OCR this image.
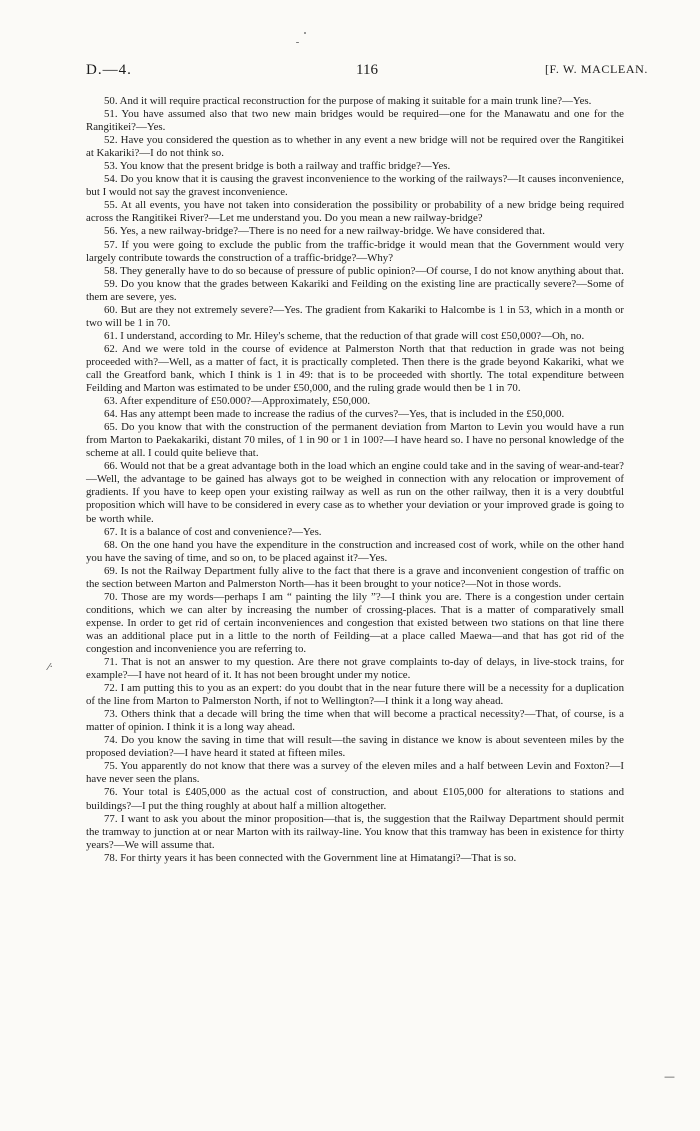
D.—4.	116	[F. W. MACLEAN.

50. And it will require practical reconstruction for the purpose of making it suitable for a main trunk line?—Yes.

51. You have assumed also that two new main bridges would be required—one for the Manawatu and one for the Rangitikei?—Yes.

52. Have you considered the question as to whether in any event a new bridge will not be required over the Rangitikei at Kakariki?—I do not think so.

53. You know that the present bridge is both a railway and traffic bridge?—Yes.

54. Do you know that it is causing the gravest inconvenience to the working of the railways?—It causes inconvenience, but I would not say the gravest inconvenience.

55. At all events, you have not taken into consideration the possibility or probability of a new bridge being required across the Rangitikei River?—Let me understand you. Do you mean a new railway-bridge?

56. Yes, a new railway-bridge?—There is no need for a new railway-bridge. We have considered that.

57. If you were going to exclude the public from the traffic-bridge it would mean that the Government would very largely contribute towards the construction of a traffic-bridge?—Why?

58. They generally have to do so because of pressure of public opinion?—Of course, I do not know anything about that.

59. Do you know that the grades between Kakariki and Feilding on the existing line are practically severe?—Some of them are severe, yes.

60. But are they not extremely severe?—Yes. The gradient from Kakariki to Halcombe is 1 in 53, which in a month or two will be 1 in 70.

61. I understand, according to Mr. Hiley's scheme, that the reduction of that grade will cost £50,000?—Oh, no.

62. And we were told in the course of evidence at Palmerston North that that reduction in grade was not being proceeded with?—Well, as a matter of fact, it is practically completed. Then there is the grade beyond Kakariki, what we call the Greatford bank, which I think is 1 in 49: that is to be proceeded with shortly. The total expenditure between Feilding and Marton was estimated to be under £50,000, and the ruling grade would then be 1 in 70.

63. After expenditure of £50.000?—Approximately, £50,000.

64. Has any attempt been made to increase the radius of the curves?—Yes, that is included in the £50,000.

65. Do you know that with the construction of the permanent deviation from Marton to Levin you would have a run from Marton to Paekakariki, distant 70 miles, of 1 in 90 or 1 in 100?—I have heard so. I have no personal knowledge of the scheme at all. I could quite believe that.

66. Would not that be a great advantage both in the load which an engine could take and in the saving of wear-and-tear?—Well, the advantage to be gained has always got to be weighed in connection with any relocation or improvement of gradients. If you have to keep open your existing railway as well as run on the other railway, then it is a very doubtful proposition which will have to be considered in every case as to whether your deviation or your improved grade is going to be worth while.

67. It is a balance of cost and convenience?—Yes.

68. On the one hand you have the expenditure in the construction and increased cost of work, while on the other hand you have the saving of time, and so on, to be placed against it?—Yes.

69. Is not the Railway Department fully alive to the fact that there is a grave and inconvenient congestion of traffic on the section between Marton and Palmerston North—has it been brought to your notice?—Not in those words.

70. Those are my words—perhaps I am “ painting the lily ”?—I think you are. There is a congestion under certain conditions, which we can alter by increasing the number of crossing-places. That is a matter of comparatively small expense. In order to get rid of certain inconveniences and congestion that existed between two stations on that line there was an additional place put in a little to the north of Feilding—at a place called Maewa—and that has got rid of the congestion and inconvenience you are referring to.

71. That is not an answer to my question. Are there not grave complaints to-day of delays, in live-stock trains, for example?—I have not heard of it. It has not been brought under my notice.

72. I am putting this to you as an expert: do you doubt that in the near future there will be a necessity for a duplication of the line from Marton to Palmerston North, if not to Wellington?—I think it a long way ahead.

73. Others think that a decade will bring the time when that will become a practical necessity?—That, of course, is a matter of opinion. I think it is a long way ahead.

74. Do you know the saving in time that will result—the saving in distance we know is about seventeen miles by the proposed deviation?—I have heard it stated at fifteen miles.

75. You apparently do not know that there was a survey of the eleven miles and a half between Levin and Foxton?—I have never seen the plans.

76. Your total is £405,000 as the actual cost of construction, and about £105,000 for alterations to stations and buildings?—I put the thing roughly at about half a million altogether.

77. I want to ask you about the minor proposition—that is, the suggestion that the Railway Department should permit the tramway to junction at or near Marton with its railway-line. You know that this tramway has been in existence for thirty years?—We will assume that.

78. For thirty years it has been connected with the Government line at Himatangi?—That is so.

⁄·
—
